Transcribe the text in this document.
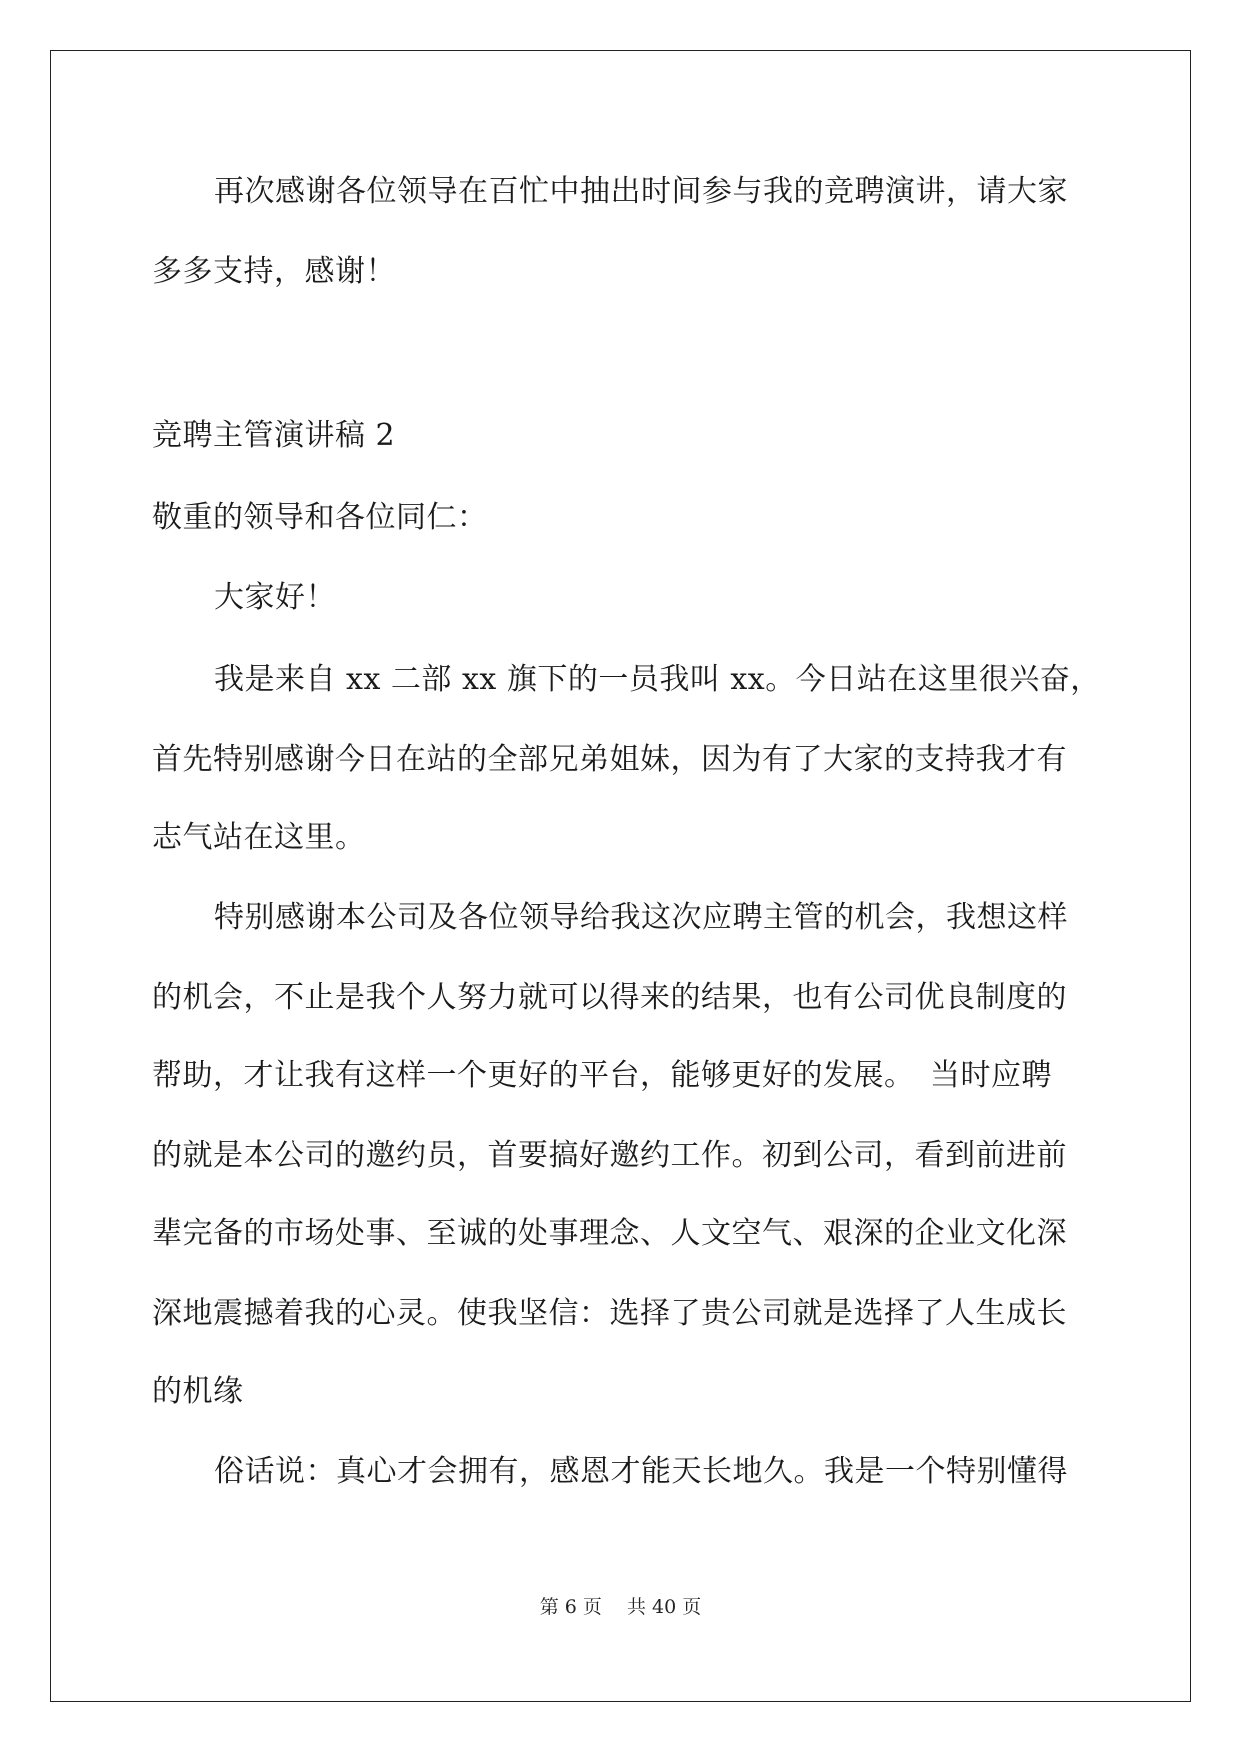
再次感谢各位领导在百忙中抽出时间参与我的竞聘演讲，请大家
多多支持，感谢！
竞聘主管演讲稿 2
敬重的领导和各位同仁：
大家好！
我是来自 xx 二部 xx 旗下的一员我叫 xx。今日站在这里很兴奋，
首先特别感谢今日在站的全部兄弟姐妹，因为有了大家的支持我才有
志气站在这里。
特别感谢本公司及各位领导给我这次应聘主管的机会，我想这样
的机会，不止是我个人努力就可以得来的结果，也有公司优良制度的
帮助，才让我有这样一个更好的平台，能够更好的发展。　当时应聘
的就是本公司的邀约员，首要搞好邀约工作。初到公司，看到前进前
辈完备的市场处事、至诚的处事理念、人文空气、艰深的企业文化深
深地震撼着我的心灵。使我坚信：选择了贵公司就是选择了人生成长
的机缘
俗话说：真心才会拥有，感恩才能天长地久。我是一个特别懂得
第 6 页　 共 40 页
